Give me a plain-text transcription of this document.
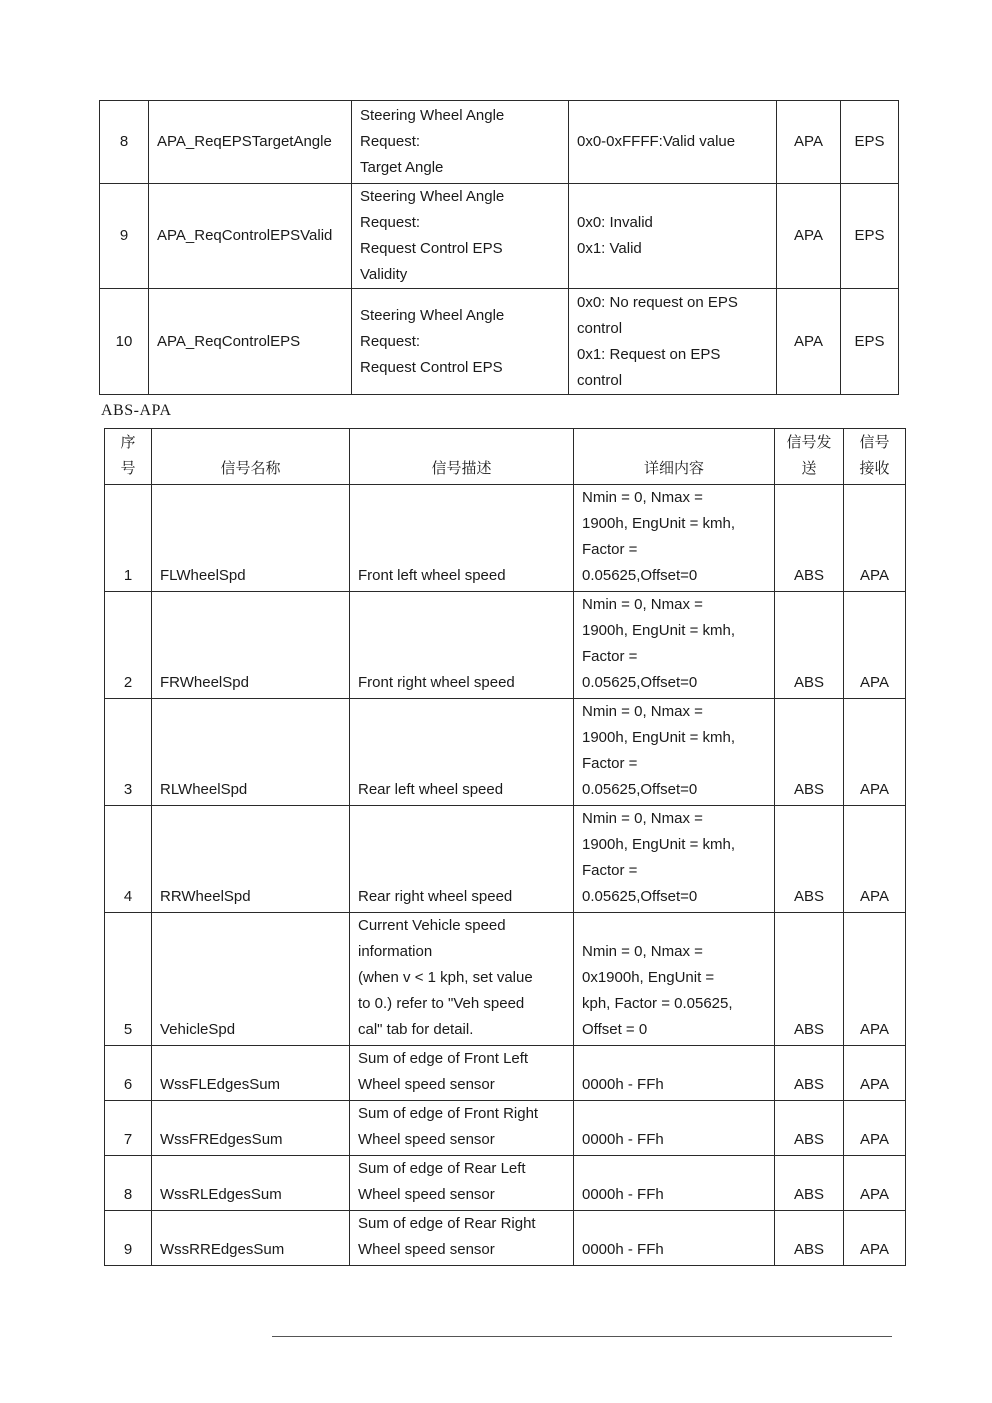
8	APA_ReqEPSTargetAngle	Steering Wheel Angle
Request:
Target Angle	0x0-0xFFFF:Valid value	APA	EPS
9	APA_ReqControlEPSValid	Steering Wheel Angle
Request:
Request Control EPS
Validity	0x0: Invalid
0x1: Valid	APA	EPS
10	APA_ReqControlEPS	Steering Wheel Angle
Request:
Request Control EPS	0x0: No request on EPS
control
0x1: Request on EPS
control	APA	EPS
ABS-APA
序
号	信号名称	信号描述	详细内容	信号发
送	信号
接收
1	FLWheelSpd	Front left wheel speed	Nmin = 0, Nmax =
1900h, EngUnit = kmh,
Factor =
0.05625,Offset=0	ABS	APA
2	FRWheelSpd	Front right wheel speed	Nmin = 0, Nmax =
1900h, EngUnit = kmh,
Factor =
0.05625,Offset=0	ABS	APA
3	RLWheelSpd	Rear left wheel speed	Nmin = 0, Nmax =
1900h, EngUnit = kmh,
Factor =
0.05625,Offset=0	ABS	APA
4	RRWheelSpd	Rear right wheel speed	Nmin = 0, Nmax =
1900h, EngUnit = kmh,
Factor =
0.05625,Offset=0	ABS	APA
5	VehicleSpd	Current Vehicle speed
information
(when v < 1 kph, set value
to 0.) refer to "Veh speed
cal" tab for detail.	Nmin = 0, Nmax =
0x1900h, EngUnit =
kph, Factor = 0.05625,
Offset = 0	ABS	APA
6	WssFLEdgesSum	Sum of edge of Front Left
Wheel speed sensor	0000h - FFh	ABS	APA
7	WssFREdgesSum	Sum of edge of Front Right
Wheel speed sensor	0000h - FFh	ABS	APA
8	WssRLEdgesSum	Sum of edge of Rear Left
Wheel speed sensor	0000h - FFh	ABS	APA
9	WssRREdgesSum	Sum of edge of Rear Right
Wheel speed sensor	0000h - FFh	ABS	APA
